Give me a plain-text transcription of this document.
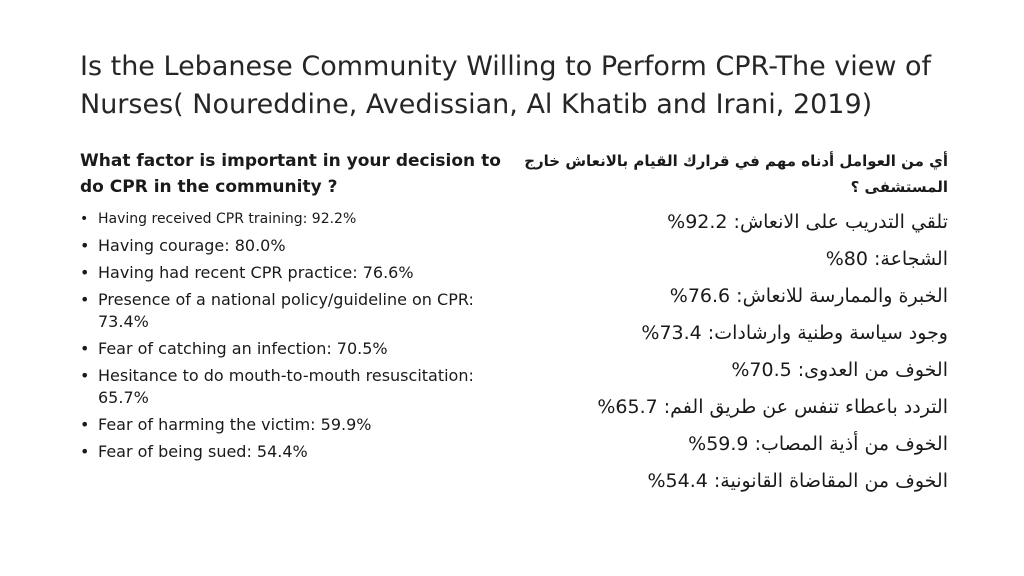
Is the Lebanese Community Willing to Perform CPR-The view of Nurses( Noureddine, Avedissian, Al Khatib and Irani, 2019)
What factor is important in your decision to do CPR in the community ?
• Having received CPR training: 92.2%
• Having courage: 80.0%
• Having had recent CPR practice: 76.6%
• Presence of a national policy/guideline on CPR: 73.4%
• Fear of catching an infection: 70.5%
• Hesitance to do mouth-to-mouth resuscitation: 65.7%
• Fear of harming the victim: 59.9%
• Fear of being sued: 54.4%
أي من العوامل أدناه مهم في قرارك القيام بالانعاش خارج المستشفى ؟
تلقي التدريب على الانعاش: 92.2%
الشجاعة: 80%
الخبرة والممارسة للانعاش: 76.6%
وجود سياسة وطنية وارشادات: 73.4%
الخوف من العدوى: 70.5%
التردد باعطاء تنفس عن طريق الفم: 65.7%
الخوف من أذية المصاب: 59.9%
الخوف من المقاضاة القانونية: 54.4%
